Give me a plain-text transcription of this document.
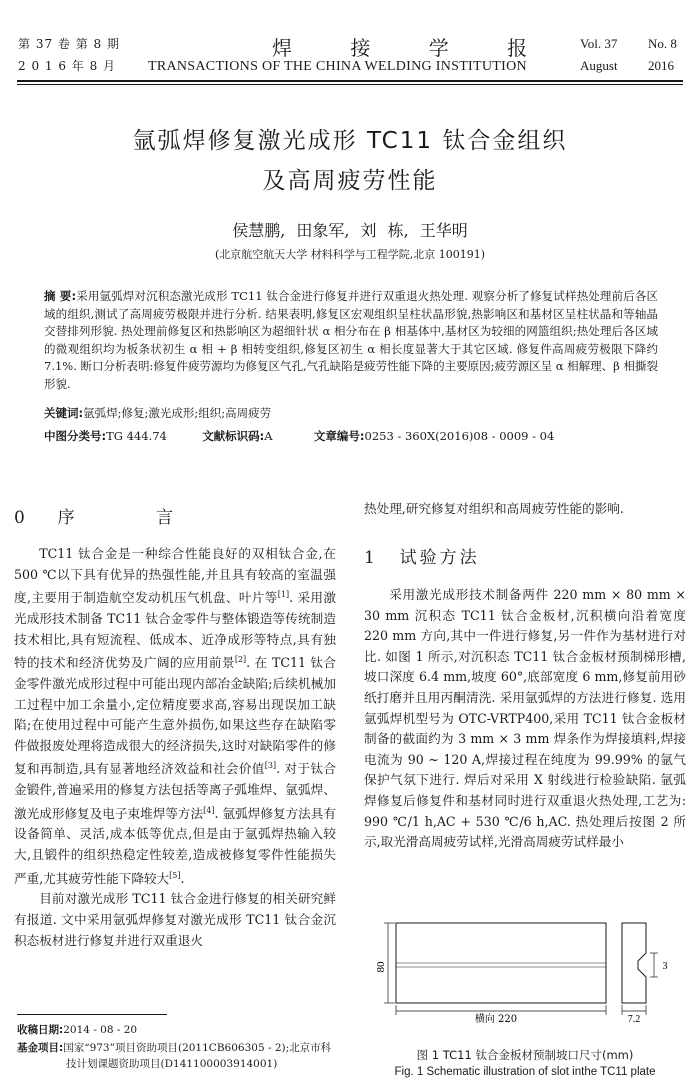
第 37 卷 第 8 期
2 0 1 6 年 8 月
焊 接 学 报
TRANSACTIONS OF THE CHINA WELDING INSTITUTION
Vol. 37 No. 8
August 2016
氩弧焊修复激光成形 TC11 钛合金组织
及高周疲劳性能
侯慧鹏, 田象军, 刘 栋, 王华明
(北京航空航天大学 材料科学与工程学院,北京 100191)
摘 要:采用氩弧焊对沉积态激光成形 TC11 钛合金进行修复并进行双重退火热处理. 观察分析了修复试样热处理前后各区域的组织,测试了高周疲劳极限并进行分析. 结果表明,修复区宏观组织呈柱状晶形貌,热影响区和基材区呈柱状晶和等轴晶交替排列形貌. 热处理前修复区和热影响区为超细针状 α 相分布在 β 相基体中,基材区为较细的网篮组织;热处理后各区域的微观组织均为板条状初生 α 相 + β 相转变组织,修复区初生 α 相长度显著大于其它区域. 修复件高周疲劳极限下降约 7.1%. 断口分析表明:修复件疲劳源均为修复区气孔,气孔缺陷是疲劳性能下降的主要原因;疲劳源区呈 α 相解理、β 相撕裂形貌.
关键词:氩弧焊;修复;激光成形;组织;高周疲劳
中图分类号:TG 444.74	文献标识码:A	文章编号:0253 - 360X(2016)08 - 0009 - 04
0 序 言

TC11 钛合金是一种综合性能良好的双相钛合金,在 500 ℃以下具有优异的热强性能,并且具有较高的室温强度,主要用于制造航空发动机压气机盘、叶片等[1]. 采用激光成形技术制备 TC11 钛合金零件与整体锻造等传统制造技术相比,具有短流程、低成本、近净成形等特点,具有独特的技术和经济优势及广阔的应用前景[2]. 在 TC11 钛合金零件激光成形过程中可能出现内部冶金缺陷;后续机械加工过程中加工余量小,定位精度要求高,容易出现误加工缺陷;在使用过程中可能产生意外损伤,如果这些存在缺陷零件做报废处理将造成很大的经济损失,这时对缺陷零件的修复和再制造,具有显著地经济效益和社会价值[3]. 对于钛合金锻件,普遍采用的修复方法包括等离子弧堆焊、氩弧焊、激光成形修复及电子束堆焊等方法[4]. 氩弧焊修复方法具有设备简单、灵活,成本低等优点,但是由于氩弧焊热输入较大,且锻件的组织热稳定性较差,造成被修复零件性能损失严重,尤其疲劳性能下降较大[5].

目前对激光成形 TC11 钛合金进行修复的相关研究鲜有报道. 文中采用氩弧焊修复对激光成形 TC11 钛合金沉积态板材进行修复并进行双重退火

收稿日期:2014 - 08 - 20
基金项目:国家“973”项目资助项目(2011CB606305 - 2);北京市科
技计划课题资助项目(D141100003914001)

热处理,研究修复对组织和高周疲劳性能的影响.

1 试验方法

采用激光成形技术制备两件 220 mm × 80 mm × 30 mm 沉积态 TC11 钛合金板材,沉积横向沿着宽度 220 mm 方向,其中一件进行修复,另一件作为基材进行对比. 如图 1 所示,对沉积态 TC11 钛合金板材预制梯形槽,坡口深度 6.4 mm,坡度 60°,底部宽度 6 mm,修复前用砂纸打磨并且用丙酮清洗. 采用氩弧焊的方法进行修复. 选用氩弧焊机型号为 OTC-VRTP400,采用 TC11 钛合金板材制备的截面约为 3 mm × 3 mm 焊条作为焊接填料,焊接电流为 90 ~ 120 A,焊接过程在纯度为 99.99% 的氩气保护气氛下进行. 焊后对采用 X 射线进行检验缺陷. 氩弧焊修复后修复件和基材同时进行双重退火热处理,工艺为: 990 ℃/1 h,AC + 530 ℃/6 h,AC. 热处理后按图 2 所示,取光滑高周疲劳试样,光滑高周疲劳试样最小

80
横向 220	7.2
3
图 1 TC11 钛合金板材预制坡口尺寸(mm)
Fig. 1 Schematic illustration of slot inthe TC11 plate
